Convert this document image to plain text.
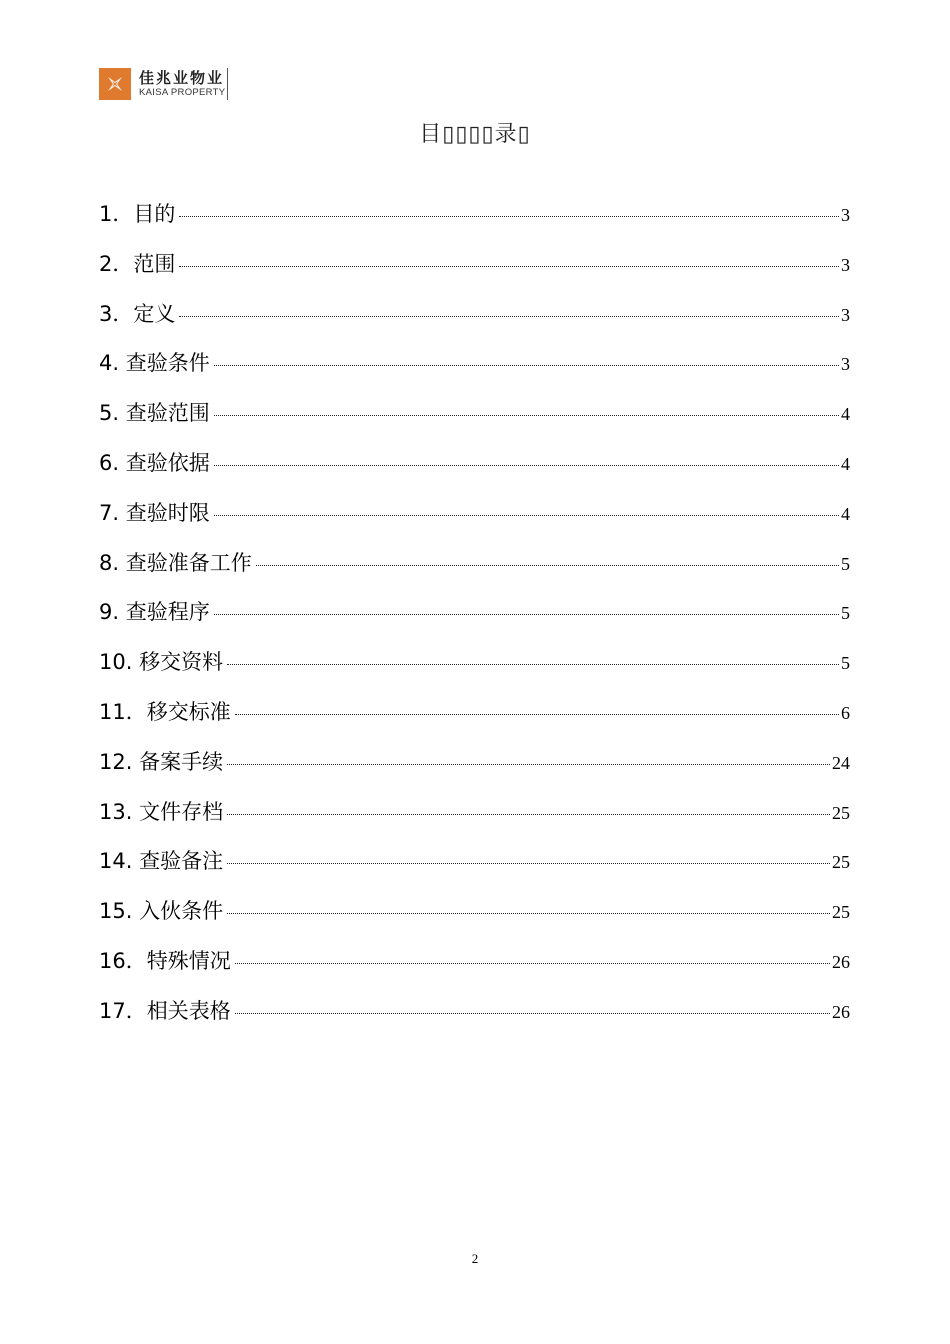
佳兆业物业
KAISA PROPERTY
目▯▯▯▯录▯
1．目的	3
2．范围	3
3．定义	3
4. 查验条件	3
5. 查验范围	4
6. 查验依据	4
7. 查验时限	4
8. 查验准备工作	5
9. 查验程序	5
10. 移交资料	5
11．移交标准	6
12. 备案手续	24
13. 文件存档	25
14. 查验备注	25
15. 入伙条件	25
16．特殊情况	26
17．相关表格	26
2
